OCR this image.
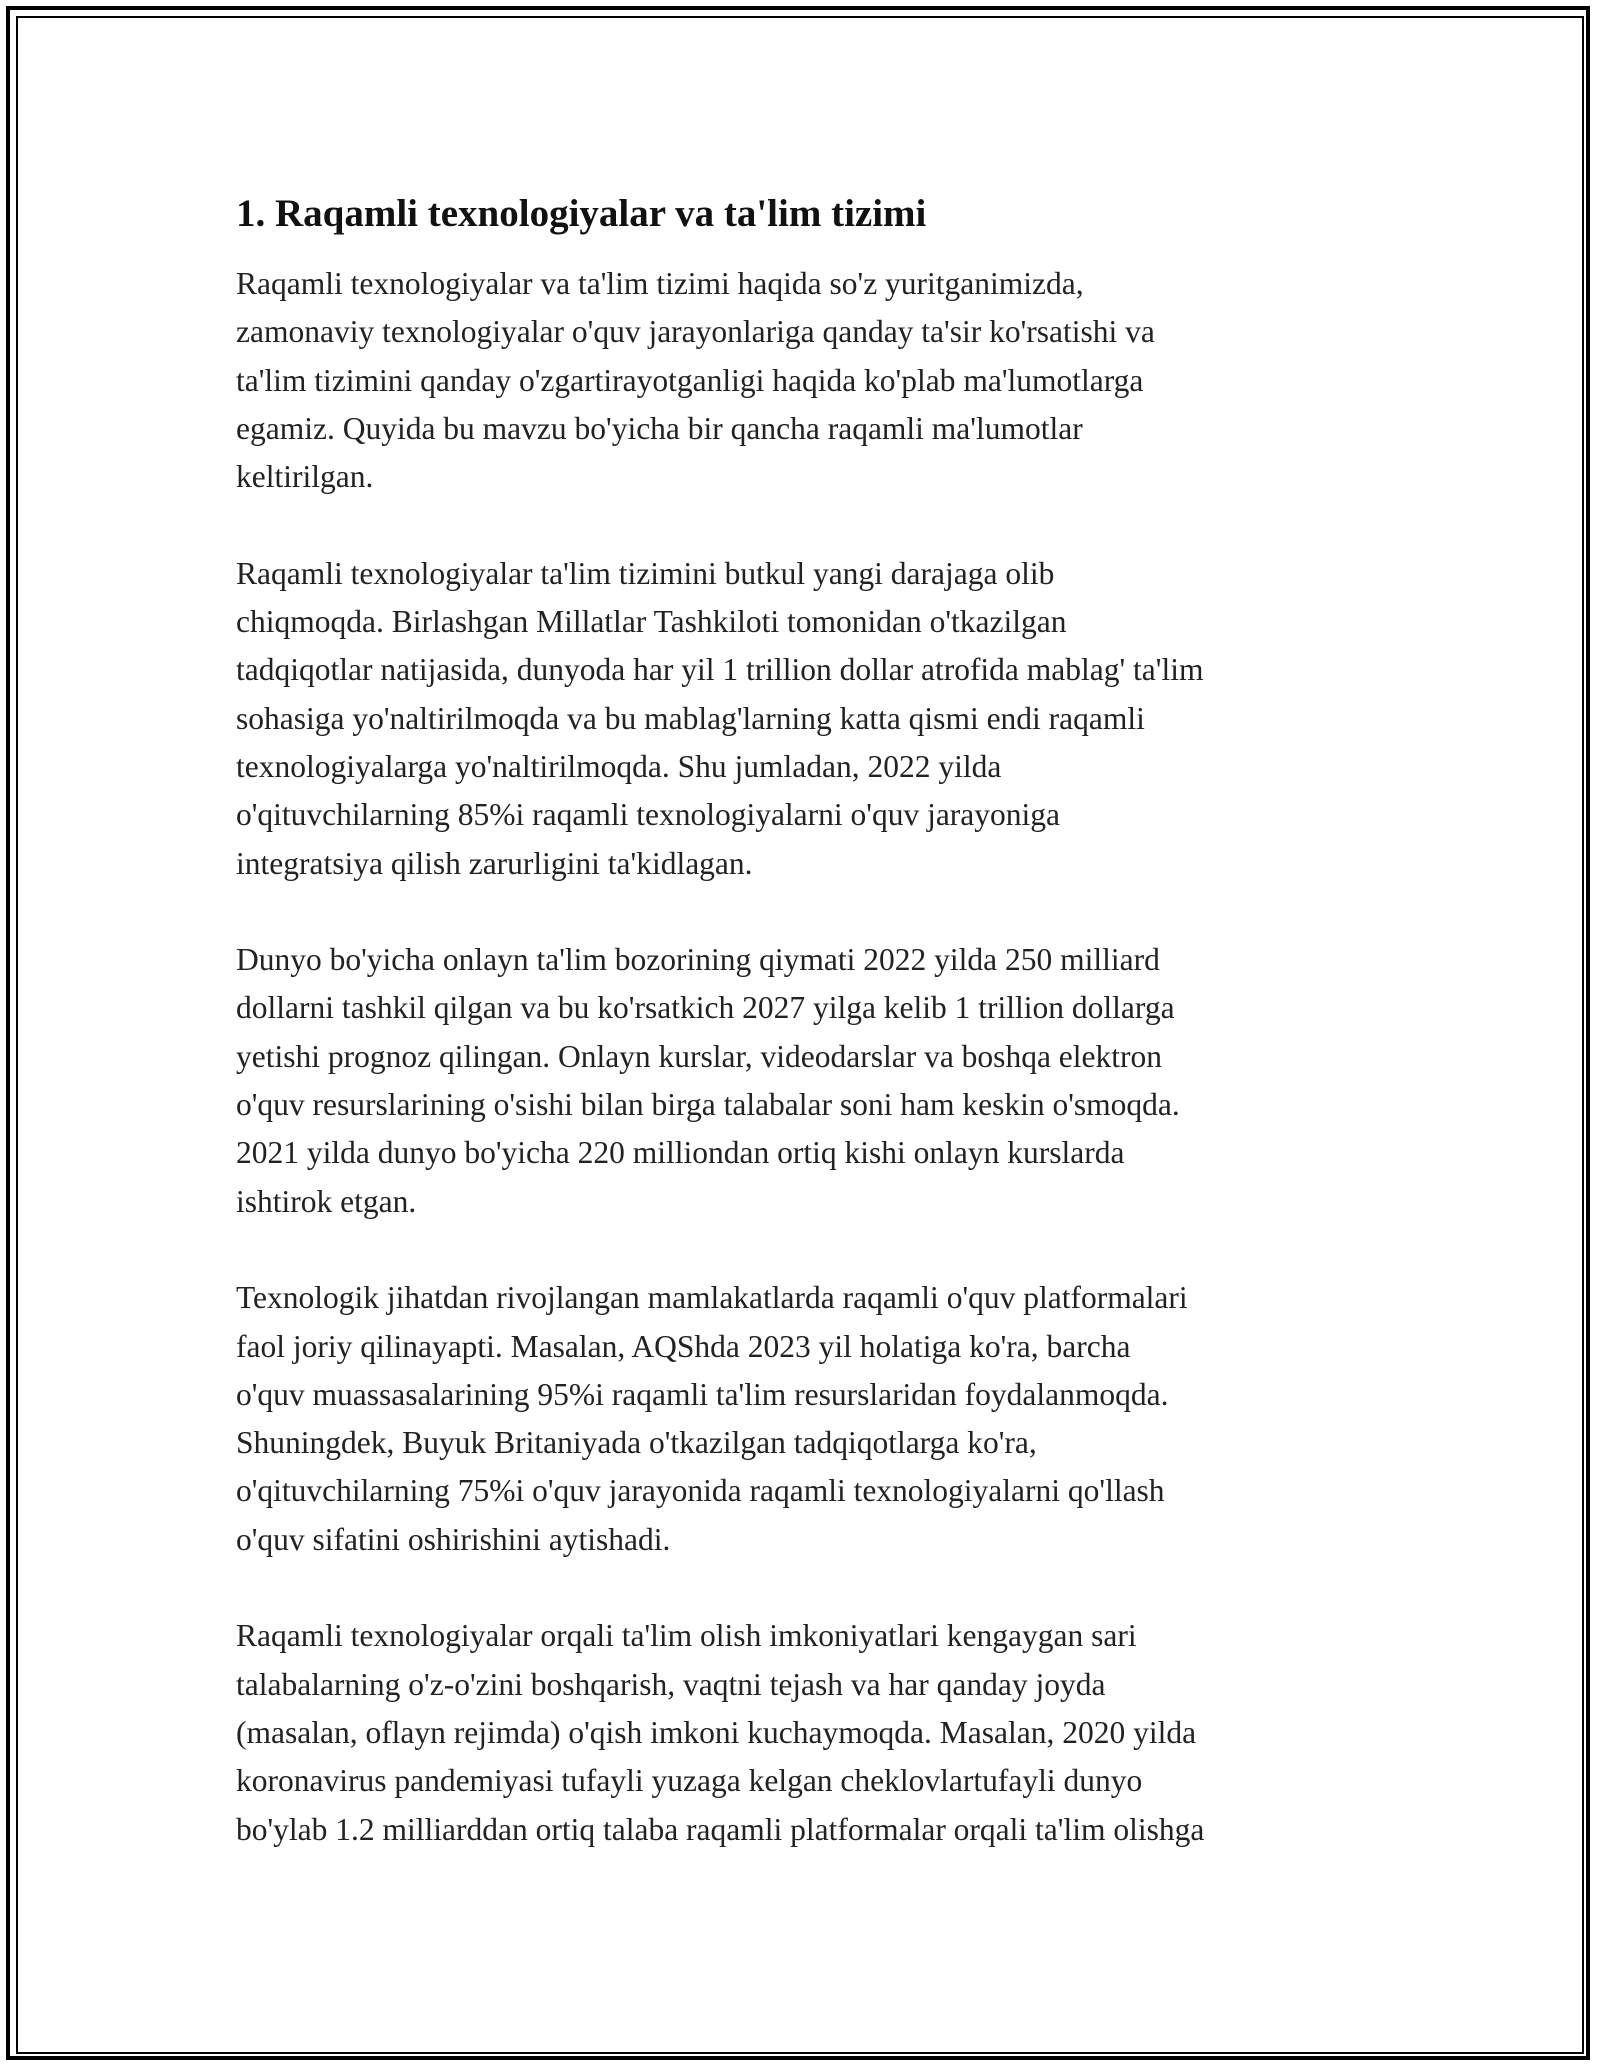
1. Raqamli texnologiyalar va ta'lim tizimi

Raqamli texnologiyalar va ta'lim tizimi haqida so'z yuritganimizda,
zamonaviy texnologiyalar o'quv jarayonlariga qanday ta'sir ko'rsatishi va
ta'lim tizimini qanday o'zgartirayotganligi haqida ko'plab ma'lumotlarga
egamiz. Quyida bu mavzu bo'yicha bir qancha raqamli ma'lumotlar
keltirilgan.

Raqamli texnologiyalar ta'lim tizimini butkul yangi darajaga olib
chiqmoqda. Birlashgan Millatlar Tashkiloti tomonidan o'tkazilgan
tadqiqotlar natijasida, dunyoda har yil 1 trillion dollar atrofida mablag' ta'lim
sohasiga yo'naltirilmoqda va bu mablag'larning katta qismi endi raqamli
texnologiyalarga yo'naltirilmoqda. Shu jumladan, 2022 yilda
o'qituvchilarning 85%i raqamli texnologiyalarni o'quv jarayoniga
integratsiya qilish zarurligini ta'kidlagan.

Dunyo bo'yicha onlayn ta'lim bozorining qiymati 2022 yilda 250 milliard
dollarni tashkil qilgan va bu ko'rsatkich 2027 yilga kelib 1 trillion dollarga
yetishi prognoz qilingan. Onlayn kurslar, videodarslar va boshqa elektron
o'quv resurslarining o'sishi bilan birga talabalar soni ham keskin o'smoqda.
2021 yilda dunyo bo'yicha 220 milliondan ortiq kishi onlayn kurslarda
ishtirok etgan.

Texnologik jihatdan rivojlangan mamlakatlarda raqamli o'quv platformalari
faol joriy qilinayapti. Masalan, AQShda 2023 yil holatiga ko'ra, barcha
o'quv muassasalarining 95%i raqamli ta'lim resurslaridan foydalanmoqda.
Shuningdek, Buyuk Britaniyada o'tkazilgan tadqiqotlarga ko'ra,
o'qituvchilarning 75%i o'quv jarayonida raqamli texnologiyalarni qo'llash
o'quv sifatini oshirishini aytishadi.

Raqamli texnologiyalar orqali ta'lim olish imkoniyatlari kengaygan sari
talabalarning o'z-o'zini boshqarish, vaqtni tejash va har qanday joyda
(masalan, oflayn rejimda) o'qish imkoni kuchaymoqda. Masalan, 2020 yilda
koronavirus pandemiyasi tufayli yuzaga kelgan cheklovlartufayli dunyo
bo'ylab 1.2 milliarddan ortiq talaba raqamli platformalar orqali ta'lim olishga
